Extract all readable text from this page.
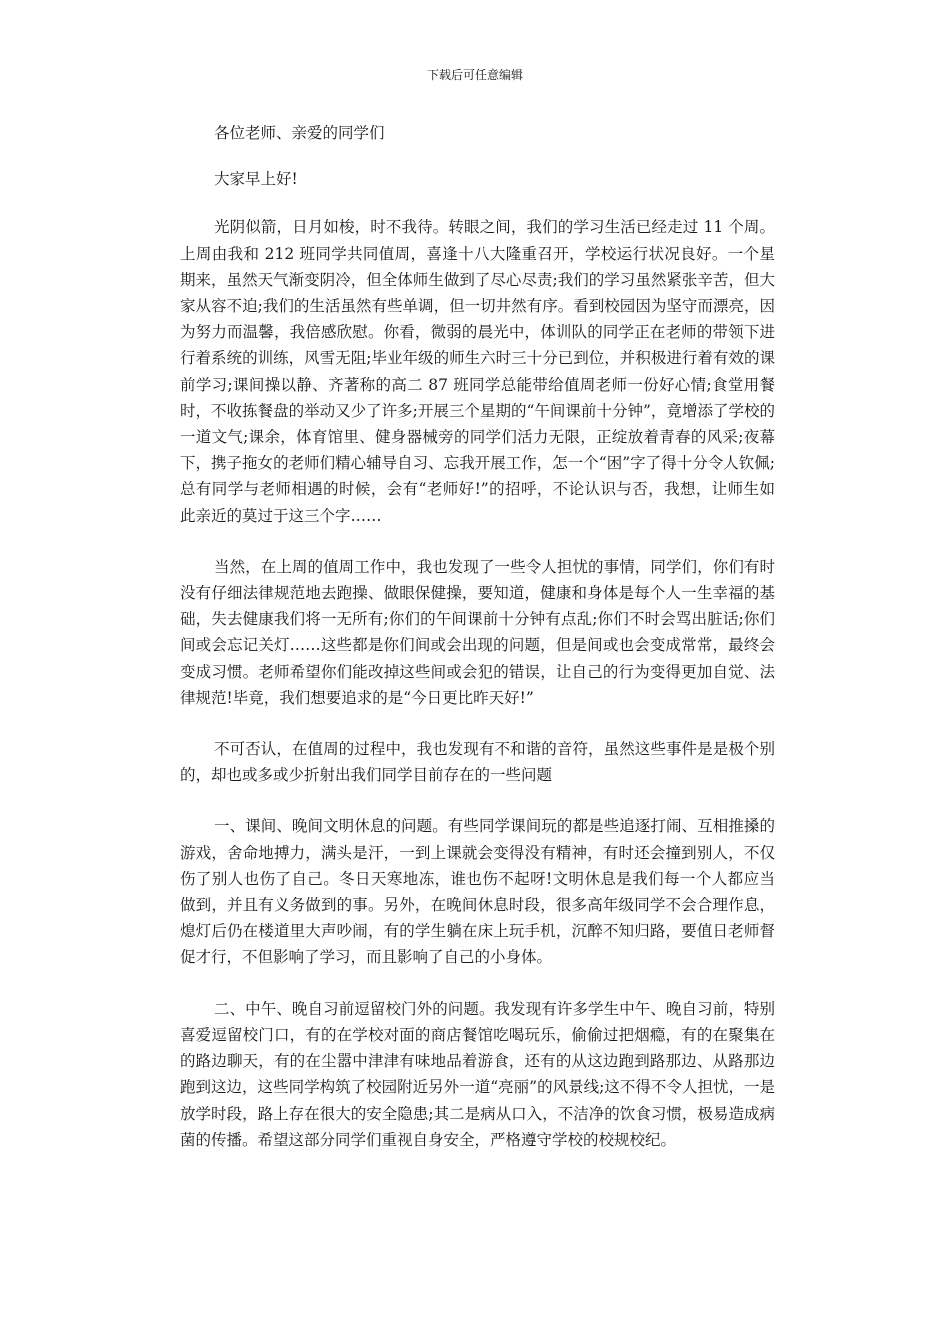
下载后可任意编辑

各位老师、亲爱的同学们

大家早上好!

光阴似箭，日月如梭，时不我待。转眼之间，我们的学习生活已经走过 11 个周。上周由我和 212 班同学共同值周，喜逢十八大隆重召开，学校运行状况良好。一个星期来，虽然天气渐变阴冷，但全体师生做到了尽心尽责;我们的学习虽然紧张辛苦，但大家从容不迫;我们的生活虽然有些单调，但一切井然有序。看到校园因为坚守而漂亮，因为努力而温馨，我倍感欣慰。你看，微弱的晨光中，体训队的同学正在老师的带领下进行着系统的训练，风雪无阻;毕业年级的师生六时三十分已到位，并积极进行着有效的课前学习;课间操以静、齐著称的高二 87 班同学总能带给值周老师一份好心情;食堂用餐时，不收拣餐盘的举动又少了许多;开展三个星期的“午间课前十分钟”，竟增添了学校的一道文气;课余，体育馆里、健身器械旁的同学们活力无限，正绽放着青春的风采;夜幕下，携子拖女的老师们精心辅导自习、忘我开展工作，怎一个“困”字了得十分令人钦佩;总有同学与老师相遇的时候，会有“老师好!”的招呼，不论认识与否，我想，让师生如此亲近的莫过于这三个字……

当然，在上周的值周工作中，我也发现了一些令人担忧的事情，同学们，你们有时没有仔细法律规范地去跑操、做眼保健操，要知道，健康和身体是每个人一生幸福的基础，失去健康我们将一无所有;你们的午间课前十分钟有点乱;你们不时会骂出脏话;你们间或会忘记关灯……这些都是你们间或会出现的问题，但是间或也会变成常常，最终会变成习惯。老师希望你们能改掉这些间或会犯的错误，让自己的行为变得更加自觉、法律规范!毕竟，我们想要追求的是“今日更比昨天好!”

不可否认，在值周的过程中，我也发现有不和谐的音符，虽然这些事件是是极个别的，却也或多或少折射出我们同学目前存在的一些问题

一、课间、晚间文明休息的问题。有些同学课间玩的都是些追逐打闹、互相推搡的游戏，舍命地搏力，满头是汗，一到上课就会变得没有精神，有时还会撞到别人，不仅伤了别人也伤了自己。冬日天寒地冻，谁也伤不起呀!文明休息是我们每一个人都应当做到，并且有义务做到的事。另外，在晚间休息时段，很多高年级同学不会合理作息，熄灯后仍在楼道里大声吵闹，有的学生躺在床上玩手机，沉醉不知归路，要值日老师督促才行，不但影响了学习，而且影响了自己的小身体。

二、中午、晚自习前逗留校门外的问题。我发现有许多学生中午、晚自习前，特别喜爱逗留校门口，有的在学校对面的商店餐馆吃喝玩乐，偷偷过把烟瘾，有的在聚集在的路边聊天，有的在尘嚣中津津有味地品着游食，还有的从这边跑到路那边、从路那边跑到这边，这些同学构筑了校园附近另外一道“亮丽”的风景线;这不得不令人担忧，一是放学时段，路上存在很大的安全隐患;其二是病从口入，不洁净的饮食习惯，极易造成病菌的传播。希望这部分同学们重视自身安全，严格遵守学校的校规校纪。
